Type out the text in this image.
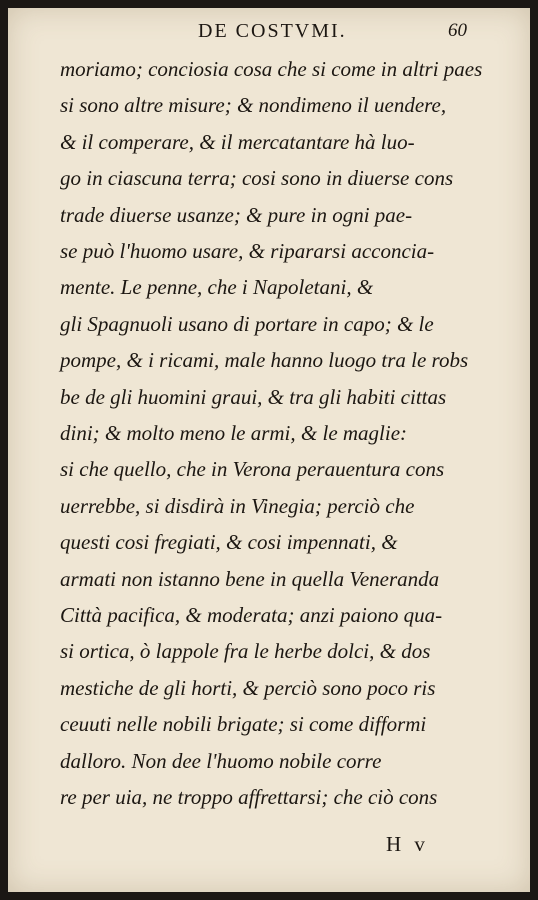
DE COSTVMI.	60
moriamo; conciosia cosa che si come in altri paes
si sono altre misure; & nondimeno il uendere,
& il comperare, & il mercatantare hà luo-
go in ciascuna terra; cosi sono in diuerse cons
trade diuerse usanze; & pure in ogni pae-
se può l'huomo usare, & ripararsi acconcia-
mente. Le penne, che i Napoletani, &
gli Spagnuoli usano di portare in capo; & le
pompe, & i ricami, male hanno luogo tra le robs
be de gli huomini graui, & tra gli habiti cittas
dini; & molto meno le armi, & le maglie:
si che quello, che in Verona perauentura cons
uerrebbe, si disdirà in Vinegia; perciò che
questi cosi fregiati, & cosi impennati, &
armati non istanno bene in quella Veneranda
Città pacifica, & moderata; anzi paiono qua-
si ortica, ò lappole fra le herbe dolci, & dos
mestiche de gli horti, & perciò sono poco ris
ceuuti nelle nobili brigate; si come difformi
dalloro. Non dee l'huomo nobile corre
re per uia, ne troppo affrettarsi; che ciò cons
H v
